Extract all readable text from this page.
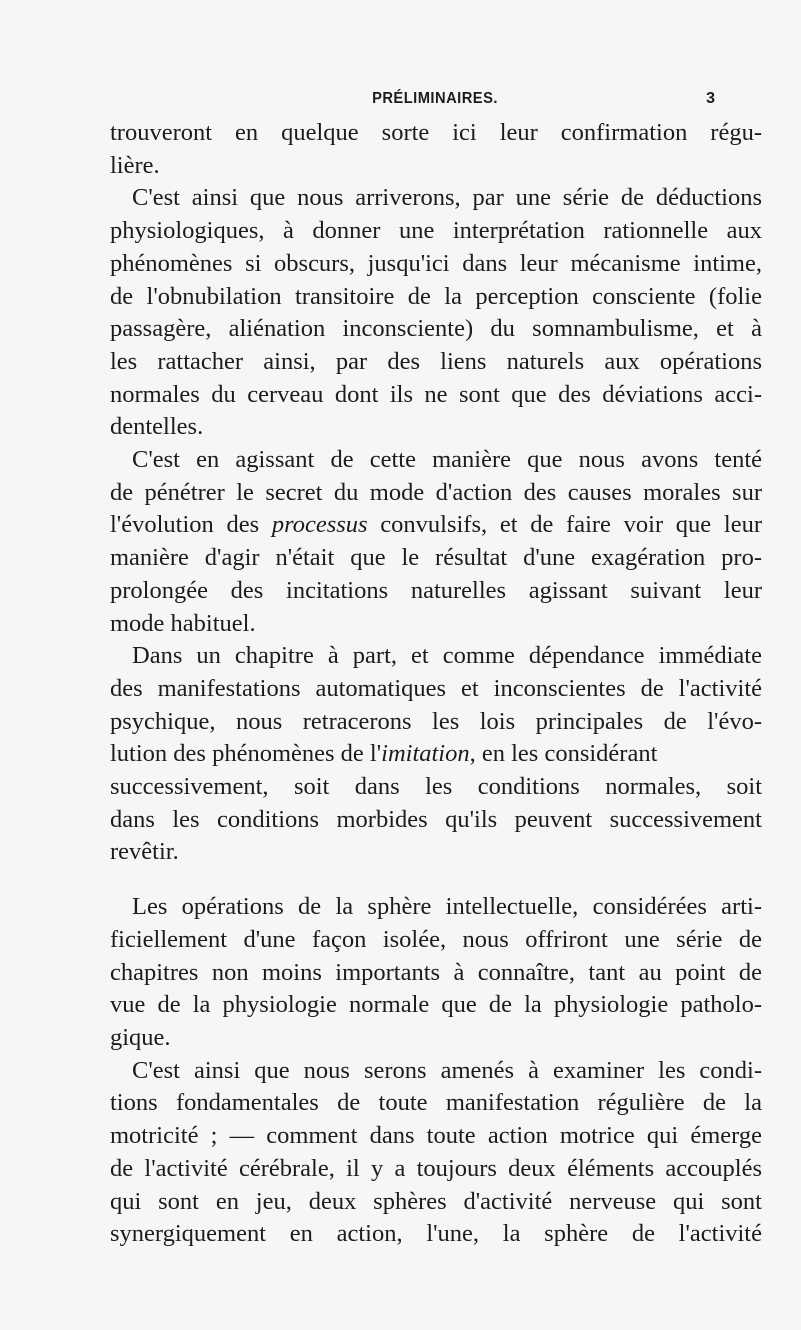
PRÉLIMINAIRES.	3

trouveront en quelque sorte ici leur confirmation régu-
lière.

C'est ainsi que nous arriverons, par une série de déductions
physiologiques, à donner une interprétation rationnelle aux
phénomènes si obscurs, jusqu'ici dans leur mécanisme intime,
de l'obnubilation transitoire de la perception consciente (folie
passagère, aliénation inconsciente) du somnambulisme, et à
les rattacher ainsi, par des liens naturels aux opérations
normales du cerveau dont ils ne sont que des déviations acci-
dentelles.

C'est en agissant de cette manière que nous avons tenté
de pénétrer le secret du mode d'action des causes morales sur
l'évolution des processus convulsifs, et de faire voir que leur
manière d'agir n'était que le résultat d'une exagération pro-
prolongée des incitations naturelles agissant suivant leur
mode habituel.

Dans un chapitre à part, et comme dépendance immédiate
des manifestations automatiques et inconscientes de l'activité
psychique, nous retracerons les lois principales de l'évo-
lution des phénomènes de l'imitation, en les considérant
successivement, soit dans les conditions normales, soit
dans les conditions morbides qu'ils peuvent successivement
revêtir.

Les opérations de la sphère intellectuelle, considérées arti-
ficiellement d'une façon isolée, nous offriront une série de
chapitres non moins importants à connaître, tant au point de
vue de la physiologie normale que de la physiologie patholo-
gique.

C'est ainsi que nous serons amenés à examiner les condi-
tions fondamentales de toute manifestation régulière de la
motricité ; — comment dans toute action motrice qui émerge
de l'activité cérébrale, il y a toujours deux éléments accouplés
qui sont en jeu, deux sphères d'activité nerveuse qui sont
synergiquement en action, l'une, la sphère de l'activité
